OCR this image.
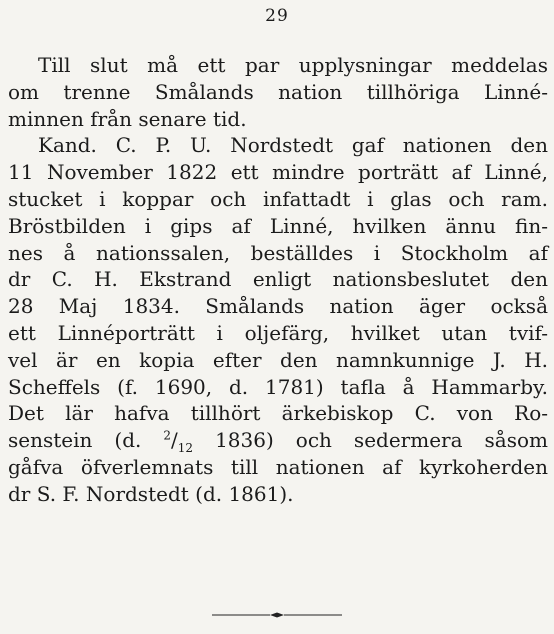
29
Till slut må ett par upplysningar meddelas
om trenne Smålands nation tillhöriga Linné-
minnen från senare tid.
Kand. C. P. U. Nordstedt gaf nationen den
11 November 1822 ett mindre porträtt af Linné,
stucket i koppar och infattadt i glas och ram.
Bröstbilden i gips af Linné, hvilken ännu fin-
nes å nationssalen, beställdes i Stockholm af
dr C. H. Ekstrand enligt nationsbeslutet den
28 Maj 1834. Smålands nation äger också
ett Linnéporträtt i oljefärg, hvilket utan tvif-
vel är en kopia efter den namnkunnige J. H.
Scheffels (f. 1690, d. 1781) tafla å Hammarby.
Det lär hafva tillhört ärkebiskop C. von Ro-
senstein (d. $^2/_{12}$ 1836) och sedermera såsom
gåfva öfverlemnats till nationen af kyrkoherden
dr S. F. Nordstedt (d. 1861).
